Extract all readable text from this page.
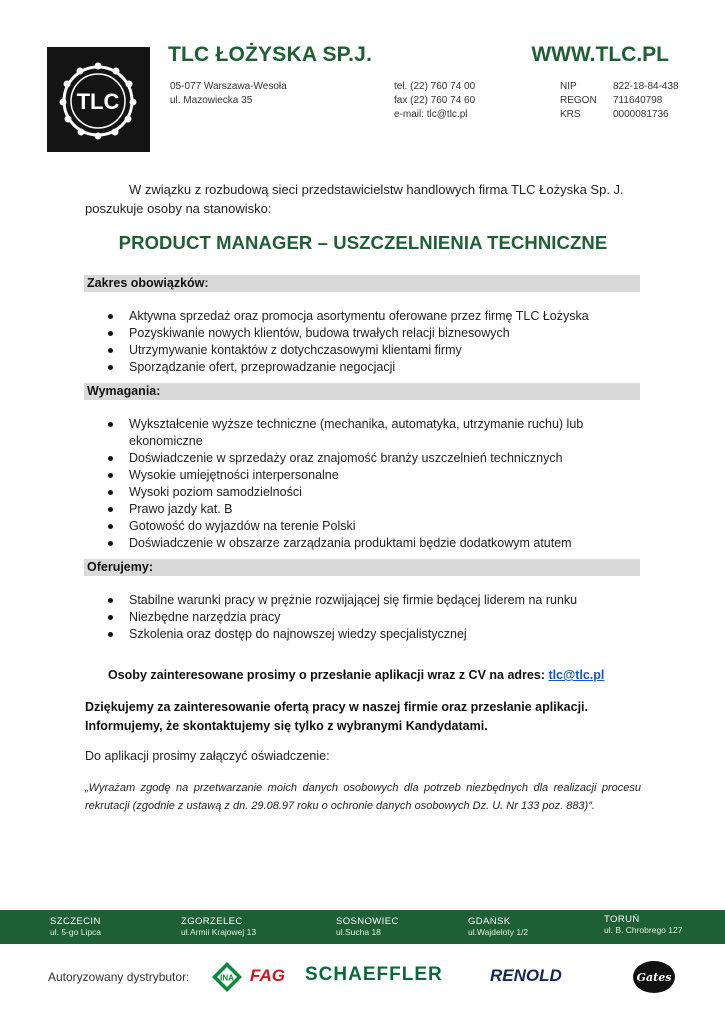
TLC
TLC ŁOŻYSKA SP.J.	WWW.TLC.PL
05-077 Warszawa-Wesoła
ul. Mazowiecka 35
tel. (22) 760 74 00
fax (22) 760 74 60
e-mail: tlc@tlc.pl
NIP	822-18-84-438
REGON	711640798
KRS	0000081736
W związku z rozbudową sieci przedstawicielstw handlowych firma TLC Łożyska Sp. J.
poszukuje osoby na stanowisko:
PRODUCT MANAGER – USZCZELNIENIA TECHNICZNE
Zakres obowiązków:
Aktywna sprzedaż oraz promocja asortymentu oferowane przez firmę TLC Łożyska
Pozyskiwanie nowych klientów, budowa trwałych relacji biznesowych
Utrzymywanie kontaktów z dotychczasowymi klientami firmy
Sporządzanie ofert, przeprowadzanie negocjacji
Wymagania:
Wykształcenie wyższe techniczne (mechanika, automatyka, utrzymanie ruchu) lub ekonomiczne
Doświadczenie w sprzedaży oraz znajomość branży uszczelnień technicznych
Wysokie umiejętności interpersonalne
Wysoki poziom samodzielności
Prawo jazdy kat. B
Gotowość do wyjazdów na terenie Polski
Doświadczenie w obszarze zarządzania produktami będzie dodatkowym atutem
Oferujemy:
Stabilne warunki pracy w prężnie rozwijającej się firmie będącej liderem na runku
Niezbędne narzędzia pracy
Szkolenia oraz dostęp do najnowszej wiedzy specjalistycznej
Osoby zainteresowane prosimy o przesłanie aplikacji wraz z CV na adres: tlc@tlc.pl
Dziękujemy za zainteresowanie ofertą pracy w naszej firmie oraz przesłanie aplikacji. Informujemy, że skontaktujemy się tylko z wybranymi Kandydatami.
Do aplikacji prosimy załączyć oświadczenie:
„Wyrażam zgodę na przetwarzanie moich danych osobowych dla potrzeb niezbędnych dla realizacji procesu rekrutacji (zgodnie z ustawą z dn. 29.08.97 roku o ochronie danych osobowych Dz. U. Nr 133 poz. 883)”.
SZCZECIN
ul. 5-go Lipca
ZGORZELEC
ul.Armii Krajowej 13
SOSNOWIEC
ul.Sucha 18
GDAŃSK
ul.Wajdeloty 1/2
TORUŃ
ul. B. Chrobrego 127
Autoryzowany dystrybutor:	INA FAG SCHAEFFLER	RENOLD	Gates
